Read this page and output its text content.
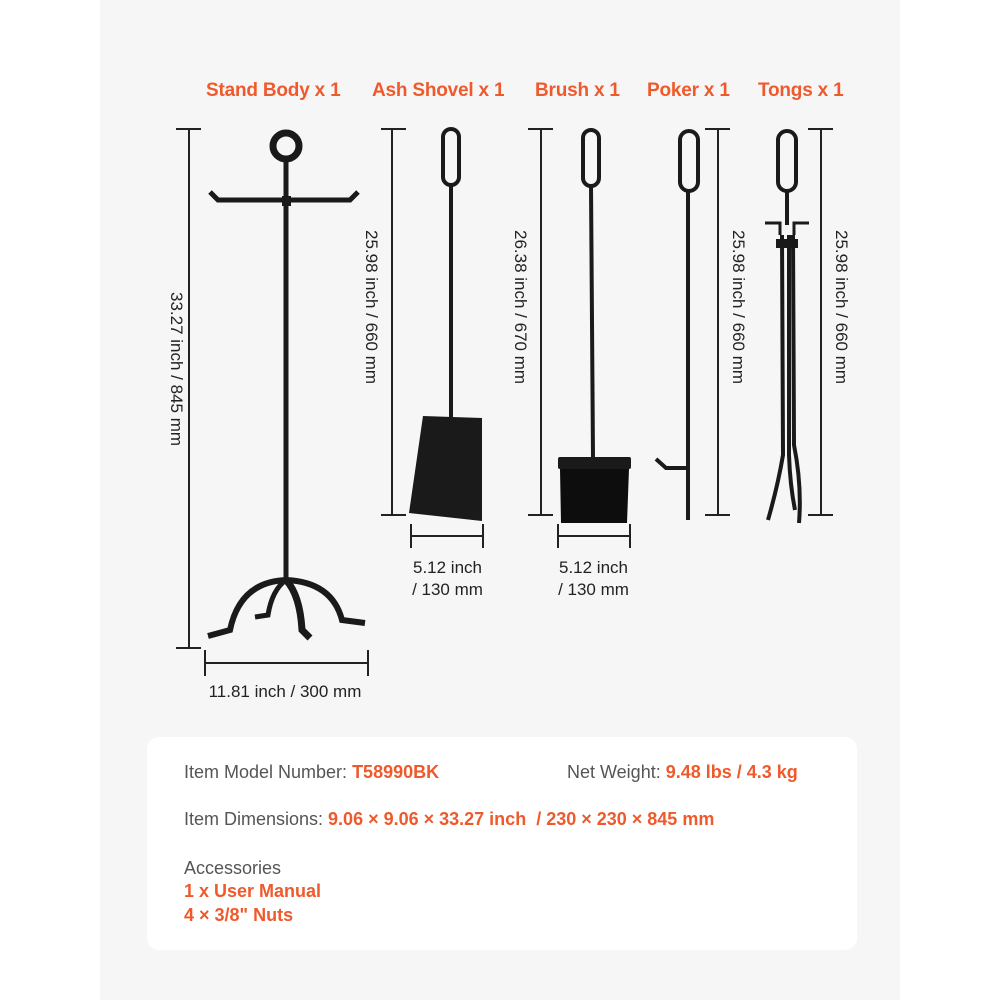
Stand Body x 1 Ash Shovel x 1 Brush x 1 Poker x 1 Tongs x 1
33.27 inch / 845 mm
11.81 inch / 300 mm
25.98 inch / 660 mm
5.12 inch
/ 130 mm
26.38 inch / 670 mm
5.12 inch
/ 130 mm
25.98 inch / 660 mm	25.98 inch / 660 mm
Item Model Number: T58990BK	Net Weight: 9.48 lbs / 4.3 kg
Item Dimensions: 9.06 × 9.06 × 33.27 inch  / 230 × 230 × 845 mm
Accessories
1 x User Manual
4 × 3/8" Nuts
